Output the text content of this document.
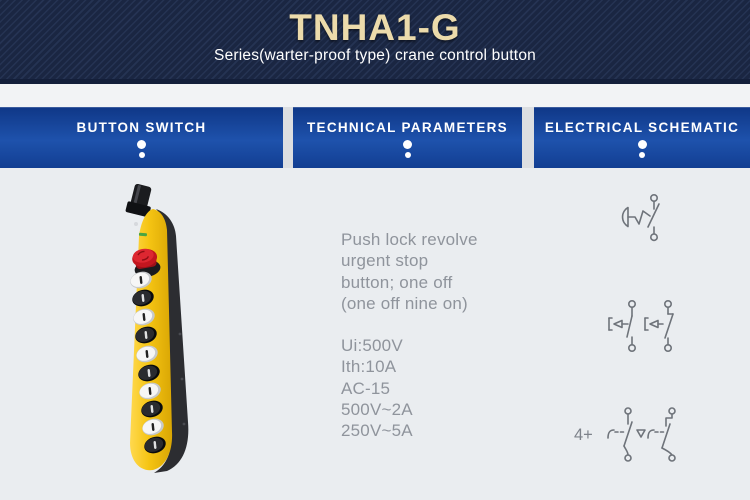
TNHA1-G
Series(warter-proof type) crane control button
BUTTON SWITCH	TECHNICAL PARAMETERS	ELECTRICAL SCHEMATIC
Push lock revolve
urgent stop
button; one off
(one off nine on)
Ui:500V
Ith:10A
AC-15
500V~2A
250V~5A	4+
